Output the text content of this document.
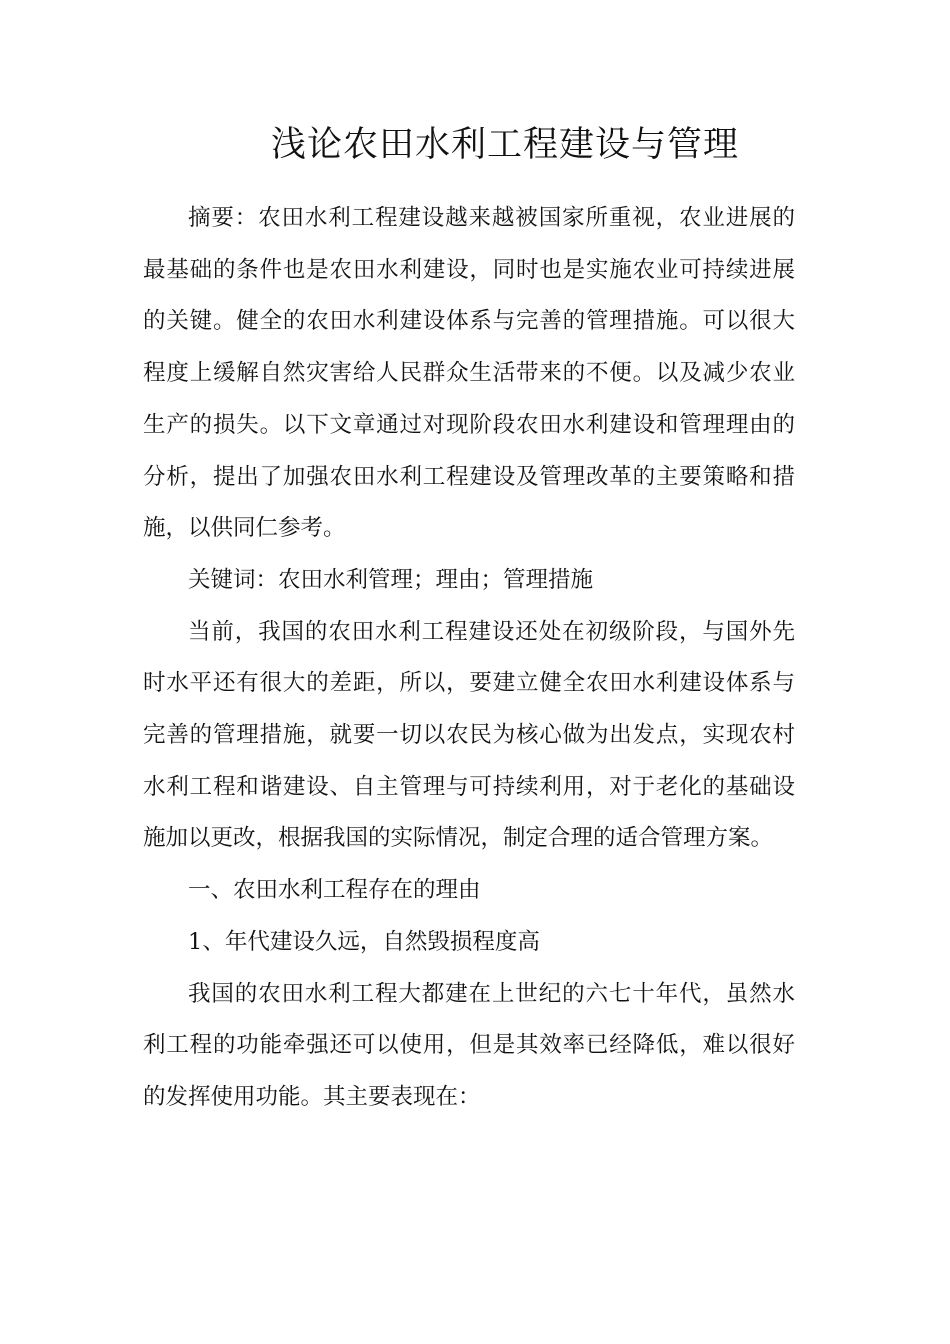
浅论农田水利工程建设与管理

摘要：农田水利工程建设越来越被国家所重视，农业进展的最基础的条件也是农田水利建设，同时也是实施农业可持续进展的关键。健全的农田水利建设体系与完善的管理措施。可以很大程度上缓解自然灾害给人民群众生活带来的不便。以及减少农业生产的损失。以下文章通过对现阶段农田水利建设和管理理由的分析，提出了加强农田水利工程建设及管理改革的主要策略和措施，以供同仁参考。

关键词：农田水利管理；理由；管理措施

当前，我国的农田水利工程建设还处在初级阶段，与国外先时水平还有很大的差距，所以，要建立健全农田水利建设体系与完善的管理措施，就要一切以农民为核心做为出发点，实现农村水利工程和谐建设、自主管理与可持续利用，对于老化的基础设施加以更改，根据我国的实际情况，制定合理的适合管理方案。

一、农田水利工程存在的理由

1、年代建设久远，自然毁损程度高

我国的农田水利工程大都建在上世纪的六七十年代，虽然水利工程的功能牵强还可以使用，但是其效率已经降低，难以很好的发挥使用功能。其主要表现在：
